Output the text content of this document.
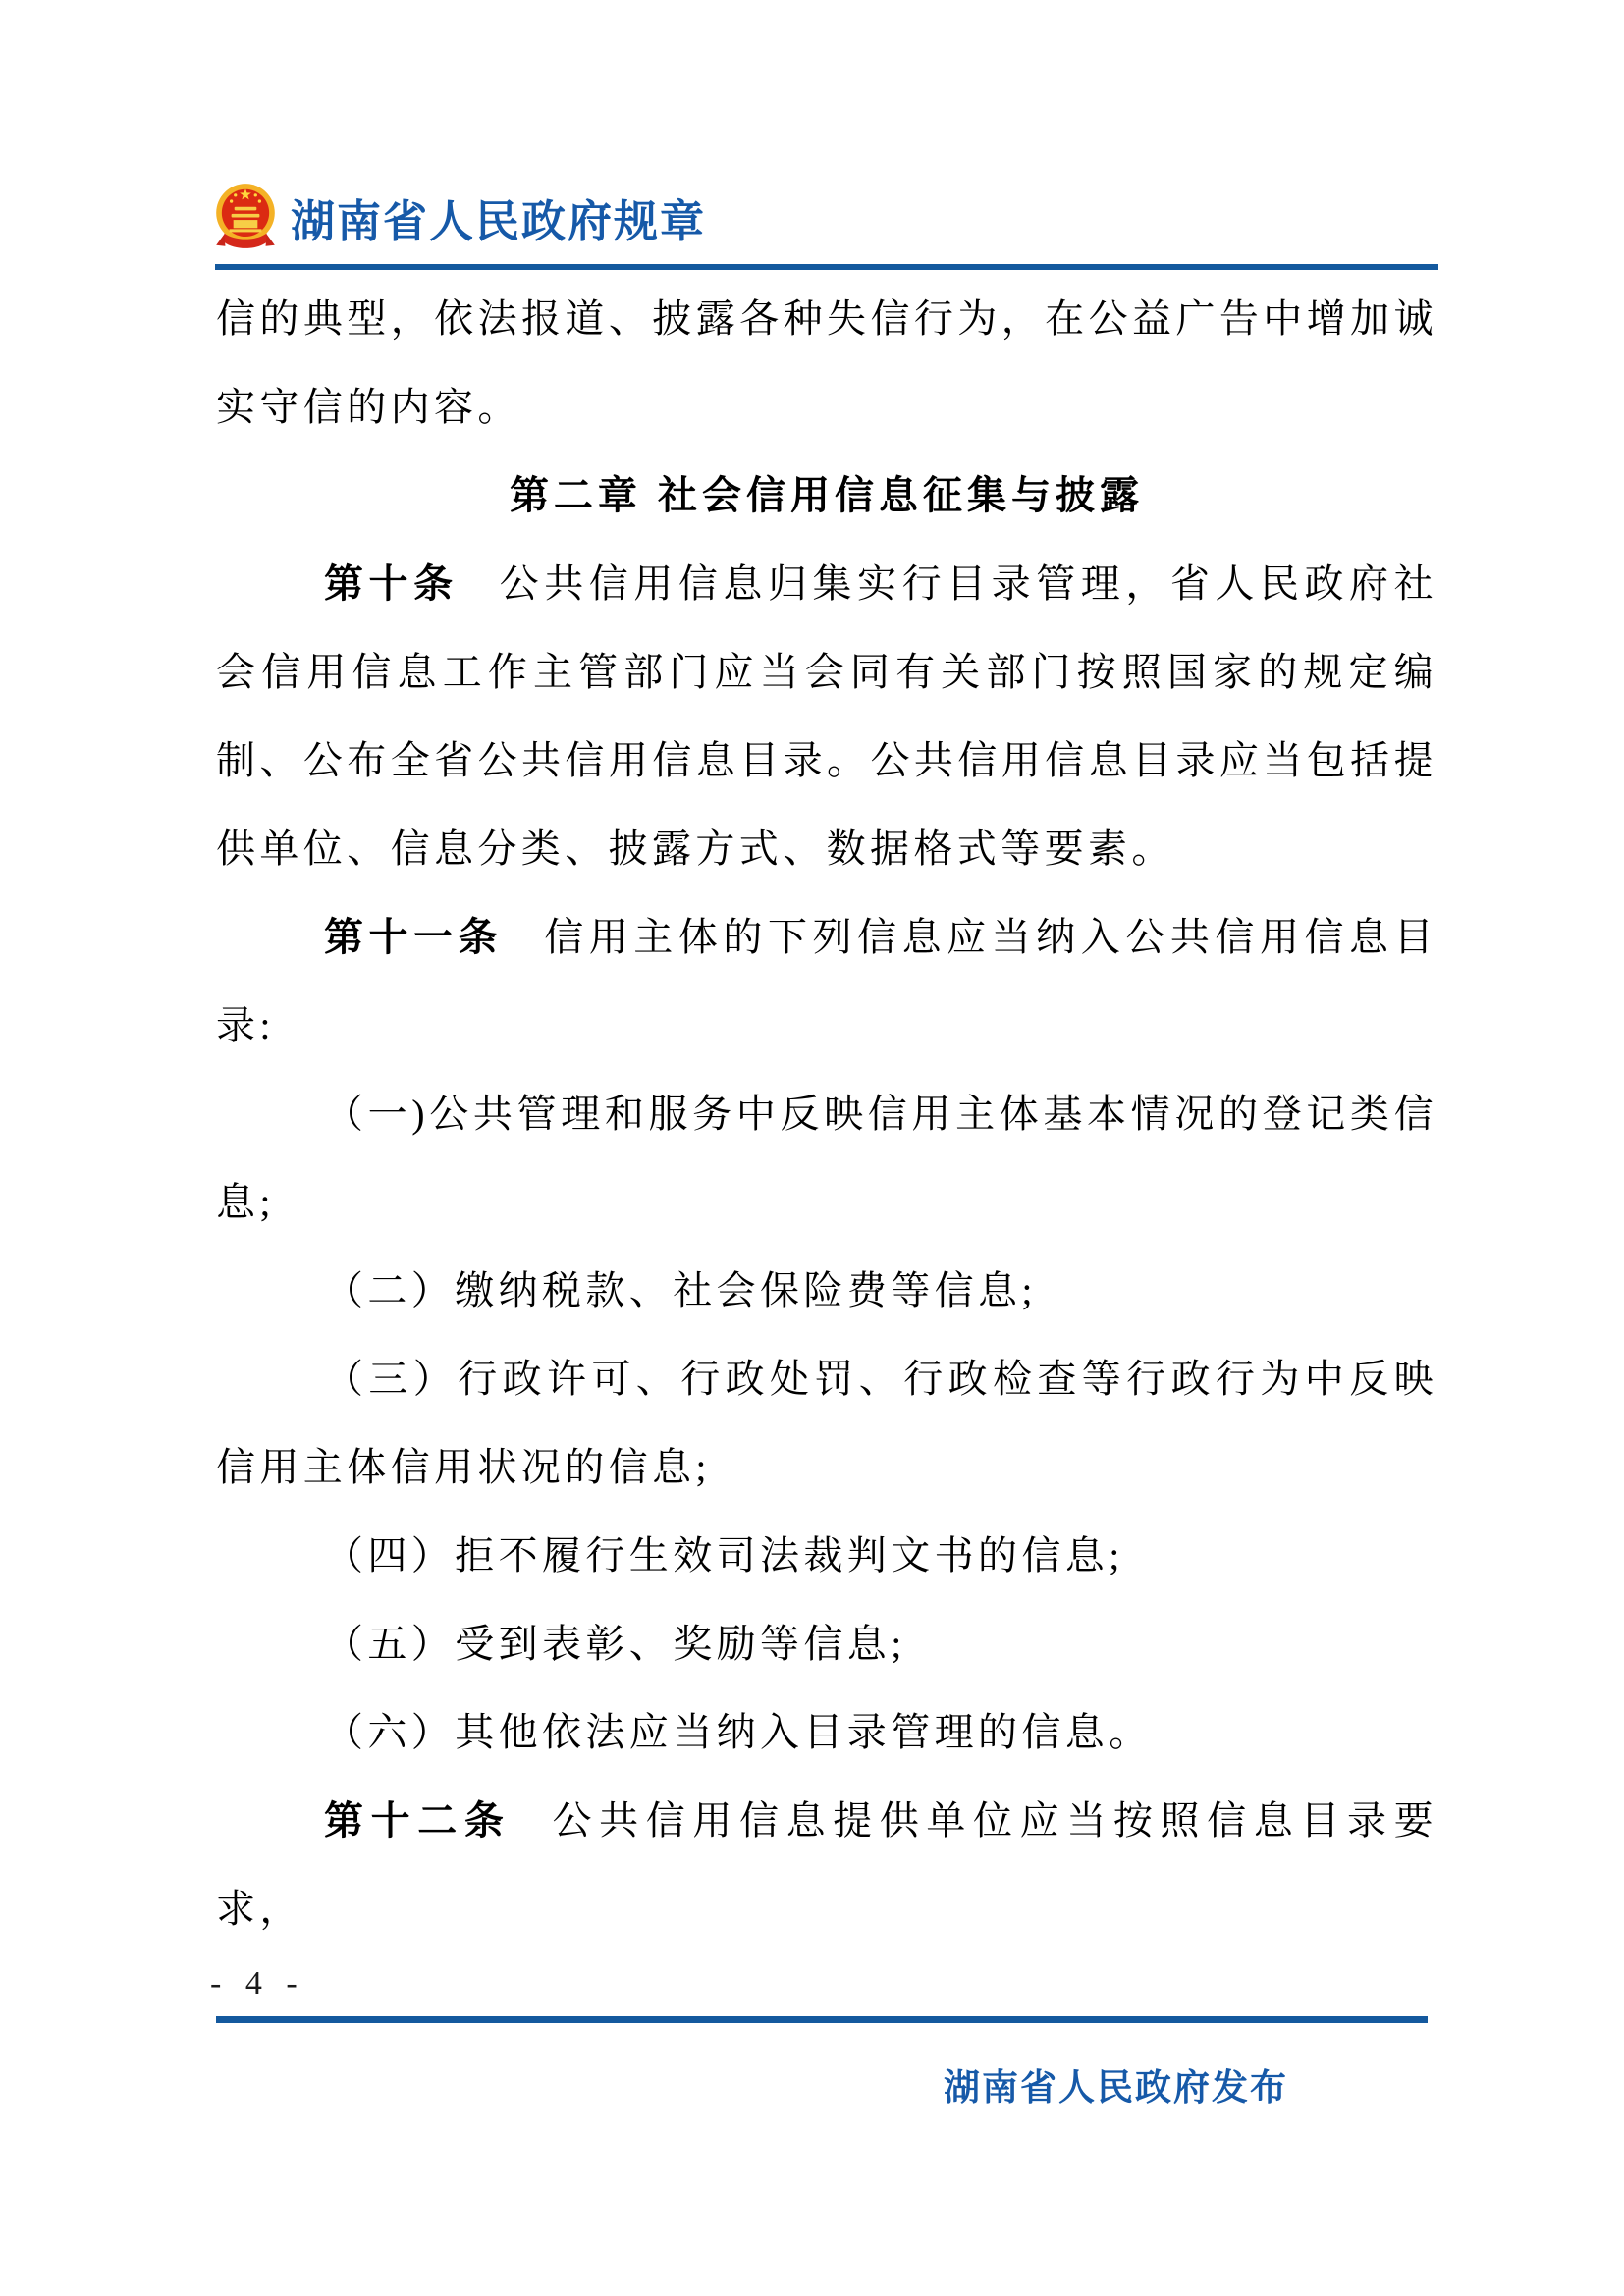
湖南省人民政府规章

信的典型，依法报道、披露各种失信行为，在公益广告中增加诚实守信的内容。

第二章 社会信用信息征集与披露

第十条 公共信用信息归集实行目录管理，省人民政府社会信用信息工作主管部门应当会同有关部门按照国家的规定编制、公布全省公共信用信息目录。公共信用信息目录应当包括提供单位、信息分类、披露方式、数据格式等要素。

第十一条 信用主体的下列信息应当纳入公共信用信息目录:

（一)公共管理和服务中反映信用主体基本情况的登记类信息;

（二）缴纳税款、社会保险费等信息;

（三）行政许可、行政处罚、行政检查等行政行为中反映信用主体信用状况的信息;

（四）拒不履行生效司法裁判文书的信息;

（五）受到表彰、奖励等信息;

（六）其他依法应当纳入目录管理的信息。

第十二条 公共信用信息提供单位应当按照信息目录要求，

- 4 -
湖南省人民政府发布
